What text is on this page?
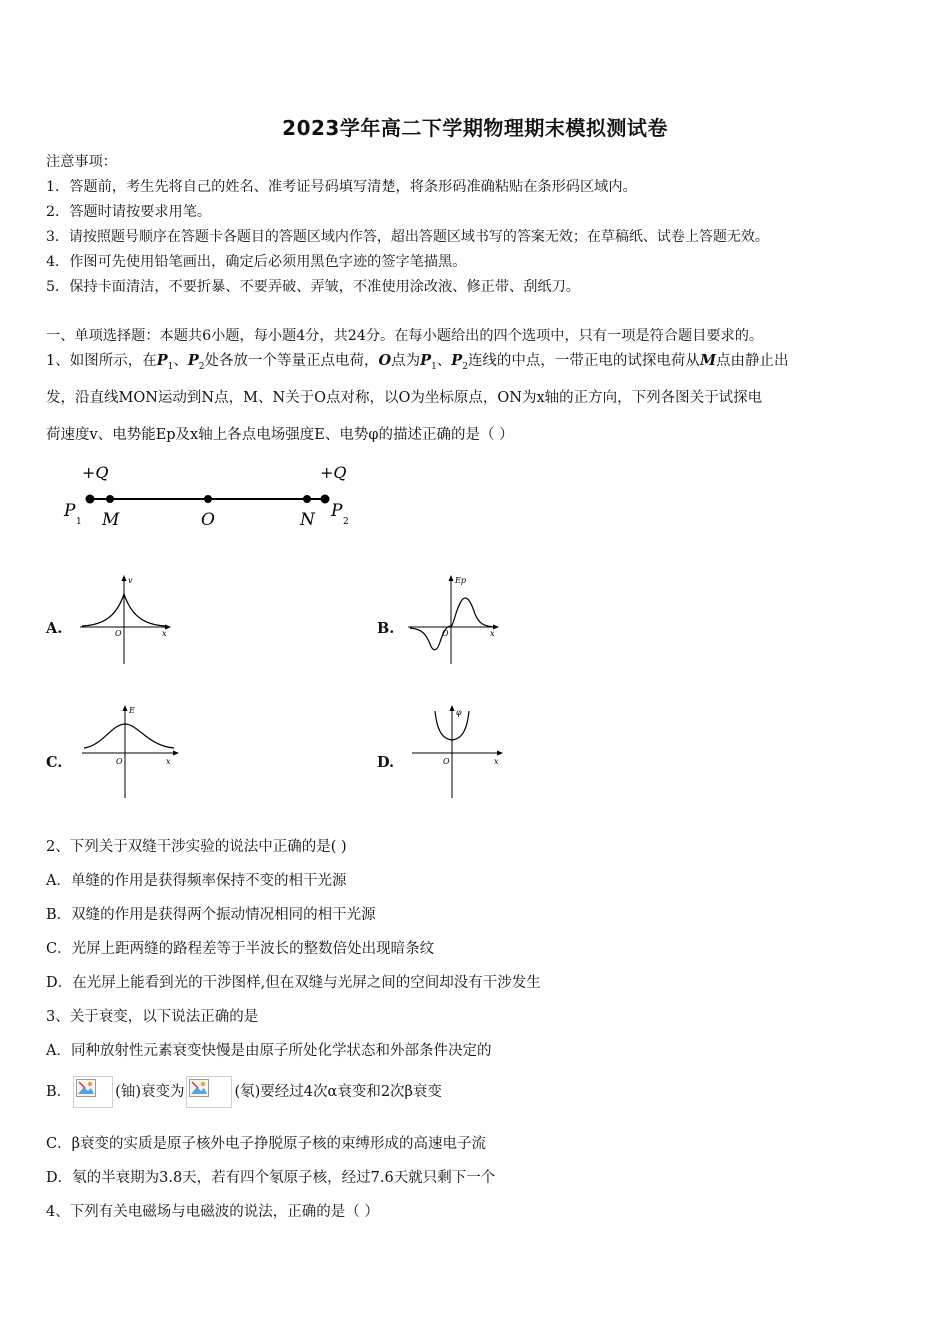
2023学年高二下学期物理期末模拟测试卷
注意事项：
1．答题前，考生先将自己的姓名、准考证号码填写清楚，将条形码准确粘贴在条形码区域内。
2．答题时请按要求用笔。
3．请按照题号顺序在答题卡各题目的答题区域内作答，超出答题区域书写的答案无效；在草稿纸、试卷上答题无效。
4．作图可先使用铅笔画出，确定后必须用黑色字迹的签字笔描黑。
5．保持卡面清洁，不要折暴、不要弄破、弄皱，不准使用涂改液、修正带、刮纸刀。
一、单项选择题：本题共6小题，每小题4分，共24分。在每小题给出的四个选项中，只有一项是符合题目要求的。
1、如图所示，在$P_1$、$P_2$处各放一个等量正点电荷，O点为$P_1$、$P_2$连线的中点，一带正电的试探电荷从M点由静止出
发，沿直线MON运动到N点，M、N关于O点对称，以O为坐标原点，ON为x轴的正方向，下列各图关于试探电
荷速度v、电势能Ep及x轴上各点电场强度E、电势φ的描述正确的是（ ）
+Q	+Q
P
1 M	O	N P
2
A.
v
O	x	B.
Ep
O	x
C.
E
O	x	D.
φ
O	x
2、下列关于双缝干涉实验的说法中正确的是( )
A．单缝的作用是获得频率保持不变的相干光源
B．双缝的作用是获得两个振动情况相同的相干光源
C．光屏上距两缝的路程差等于半波长的整数倍处出现暗条纹
D．在光屏上能看到光的干涉图样,但在双缝与光屏之间的空间却没有干涉发生
3、关于衰变，以下说法正确的是
A．同种放射性元素衰变快慢是由原子所处化学状态和外部条件决定的
B．	(铀)衰变为	(氡)要经过4次α衰变和2次β衰变
C．β衰变的实质是原子核外电子挣脱原子核的束缚形成的高速电子流
D．氡的半衰期为3.8天，若有四个氡原子核，经过7.6天就只剩下一个
4、下列有关电磁场与电磁波的说法，正确的是（ ）
